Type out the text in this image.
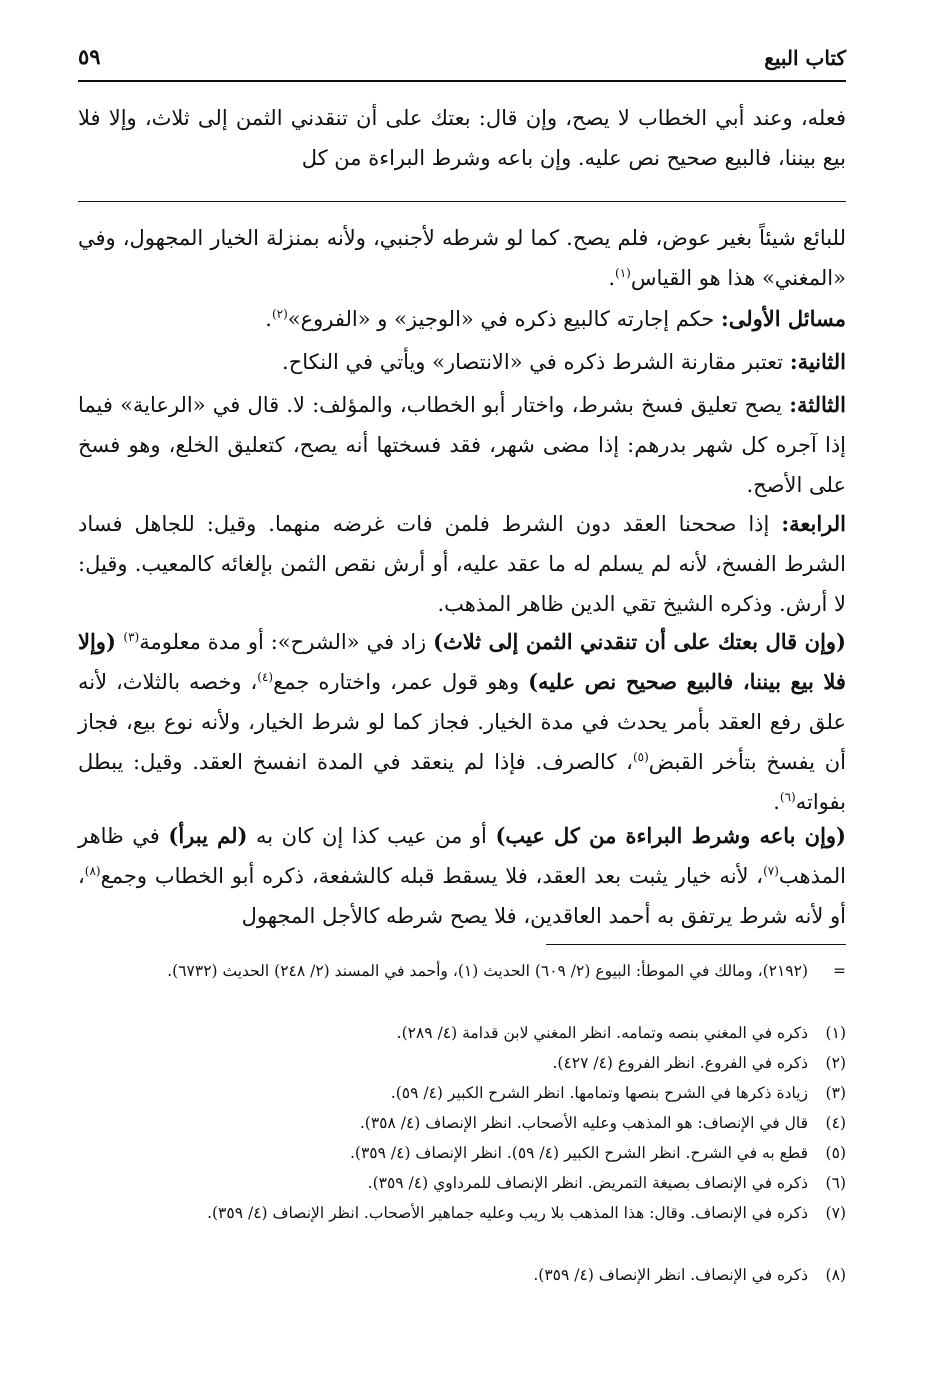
كتاب البيع
٥٩
فعله، وعند أبي الخطاب لا يصح، وإن قال: بعتك على أن تنقدني الثمن إلى ثلاث، وإلا فلا بيع بيننا، فالبيع صحيح نص عليه. وإن باعه وشرط البراءة من كل
للبائع شيئاً بغير عوض، فلم يصح. كما لو شرطه لأجنبي، ولأنه بمنزلة الخيار المجهول، وفي «المغني» هذا هو القياس$^{(١)}$.
مسائل الأولى: حكم إجارته كالبيع ذكره في «الوجيز» و «الفروع»$^{(٢)}$.
الثانية: تعتبر مقارنة الشرط ذكره في «الانتصار» ويأتي في النكاح.
الثالثة: يصح تعليق فسخ بشرط، واختار أبو الخطاب، والمؤلف: لا. قال في «الرعاية» فيما إذا آجره كل شهر بدرهم: إذا مضى شهر، فقد فسختها أنه يصح، كتعليق الخلع، وهو فسخ على الأصح.
الرابعة: إذا صححنا العقد دون الشرط فلمن فات غرضه منهما. وقيل: للجاهل فساد الشرط الفسخ، لأنه لم يسلم له ما عقد عليه، أو أرش نقص الثمن بإلغائه كالمعيب. وقيل: لا أرش. وذكره الشيخ تقي الدين ظاهر المذهب.
(وإن قال بعتك على أن تنقدني الثمن إلى ثلاث) زاد في «الشرح»: أو مدة معلومة$^{(٣)}$ (وإلا فلا بيع بيننا، فالبيع صحيح نص عليه) وهو قول عمر، واختاره جمع$^{(٤)}$، وخصه بالثلاث، لأنه علق رفع العقد بأمر يحدث في مدة الخيار. فجاز كما لو شرط الخيار، ولأنه نوع بيع، فجاز أن يفسخ بتأخر القبض$^{(٥)}$، كالصرف. فإذا لم ينعقد في المدة انفسخ العقد. وقيل: يبطل بفواته$^{(٦)}$.
(وإن باعه وشرط البراءة من كل عيب) أو من عيب كذا إن كان به (لم يبرأ) في ظاهر المذهب$^{(٧)}$، لأنه خيار يثبت بعد العقد، فلا يسقط قبله كالشفعة، ذكره أبو الخطاب وجمع$^{(٨)}$، أو لأنه شرط يرتفق به أحمد العاقدين، فلا يصح شرطه كالأجل المجهول
=
(٢١٩٢)، ومالك في الموطأ: البيوع (٢/ ٦٠٩) الحديث (١)، وأحمد في المسند (٢/ ٢٤٨) الحديث (٦٧٣٢).
(١)
ذكره في المغني بنصه وتمامه. انظر المغني لابن قدامة (٤/ ٢٨٩).
(٢)
ذكره في الفروع. انظر الفروع (٤/ ٤٢٧).
(٣)
زيادة ذكرها في الشرح بنصها وتمامها. انظر الشرح الكبير (٤/ ٥٩).
(٤)
قال في الإنصاف: هو المذهب وعليه الأصحاب. انظر الإنصاف (٤/ ٣٥٨).
(٥)
قطع به في الشرح. انظر الشرح الكبير (٤/ ٥٩). انظر الإنصاف (٤/ ٣٥٩).
(٦)
ذكره في الإنصاف بصيغة التمريض. انظر الإنصاف للمرداوي (٤/ ٣٥٩).
(٧)
ذكره في الإنصاف. وقال: هذا المذهب بلا ريب وعليه جماهير الأصحاب. انظر الإنصاف (٤/ ٣٥٩).
(٨)
ذكره في الإنصاف. انظر الإنصاف (٤/ ٣٥٩).
